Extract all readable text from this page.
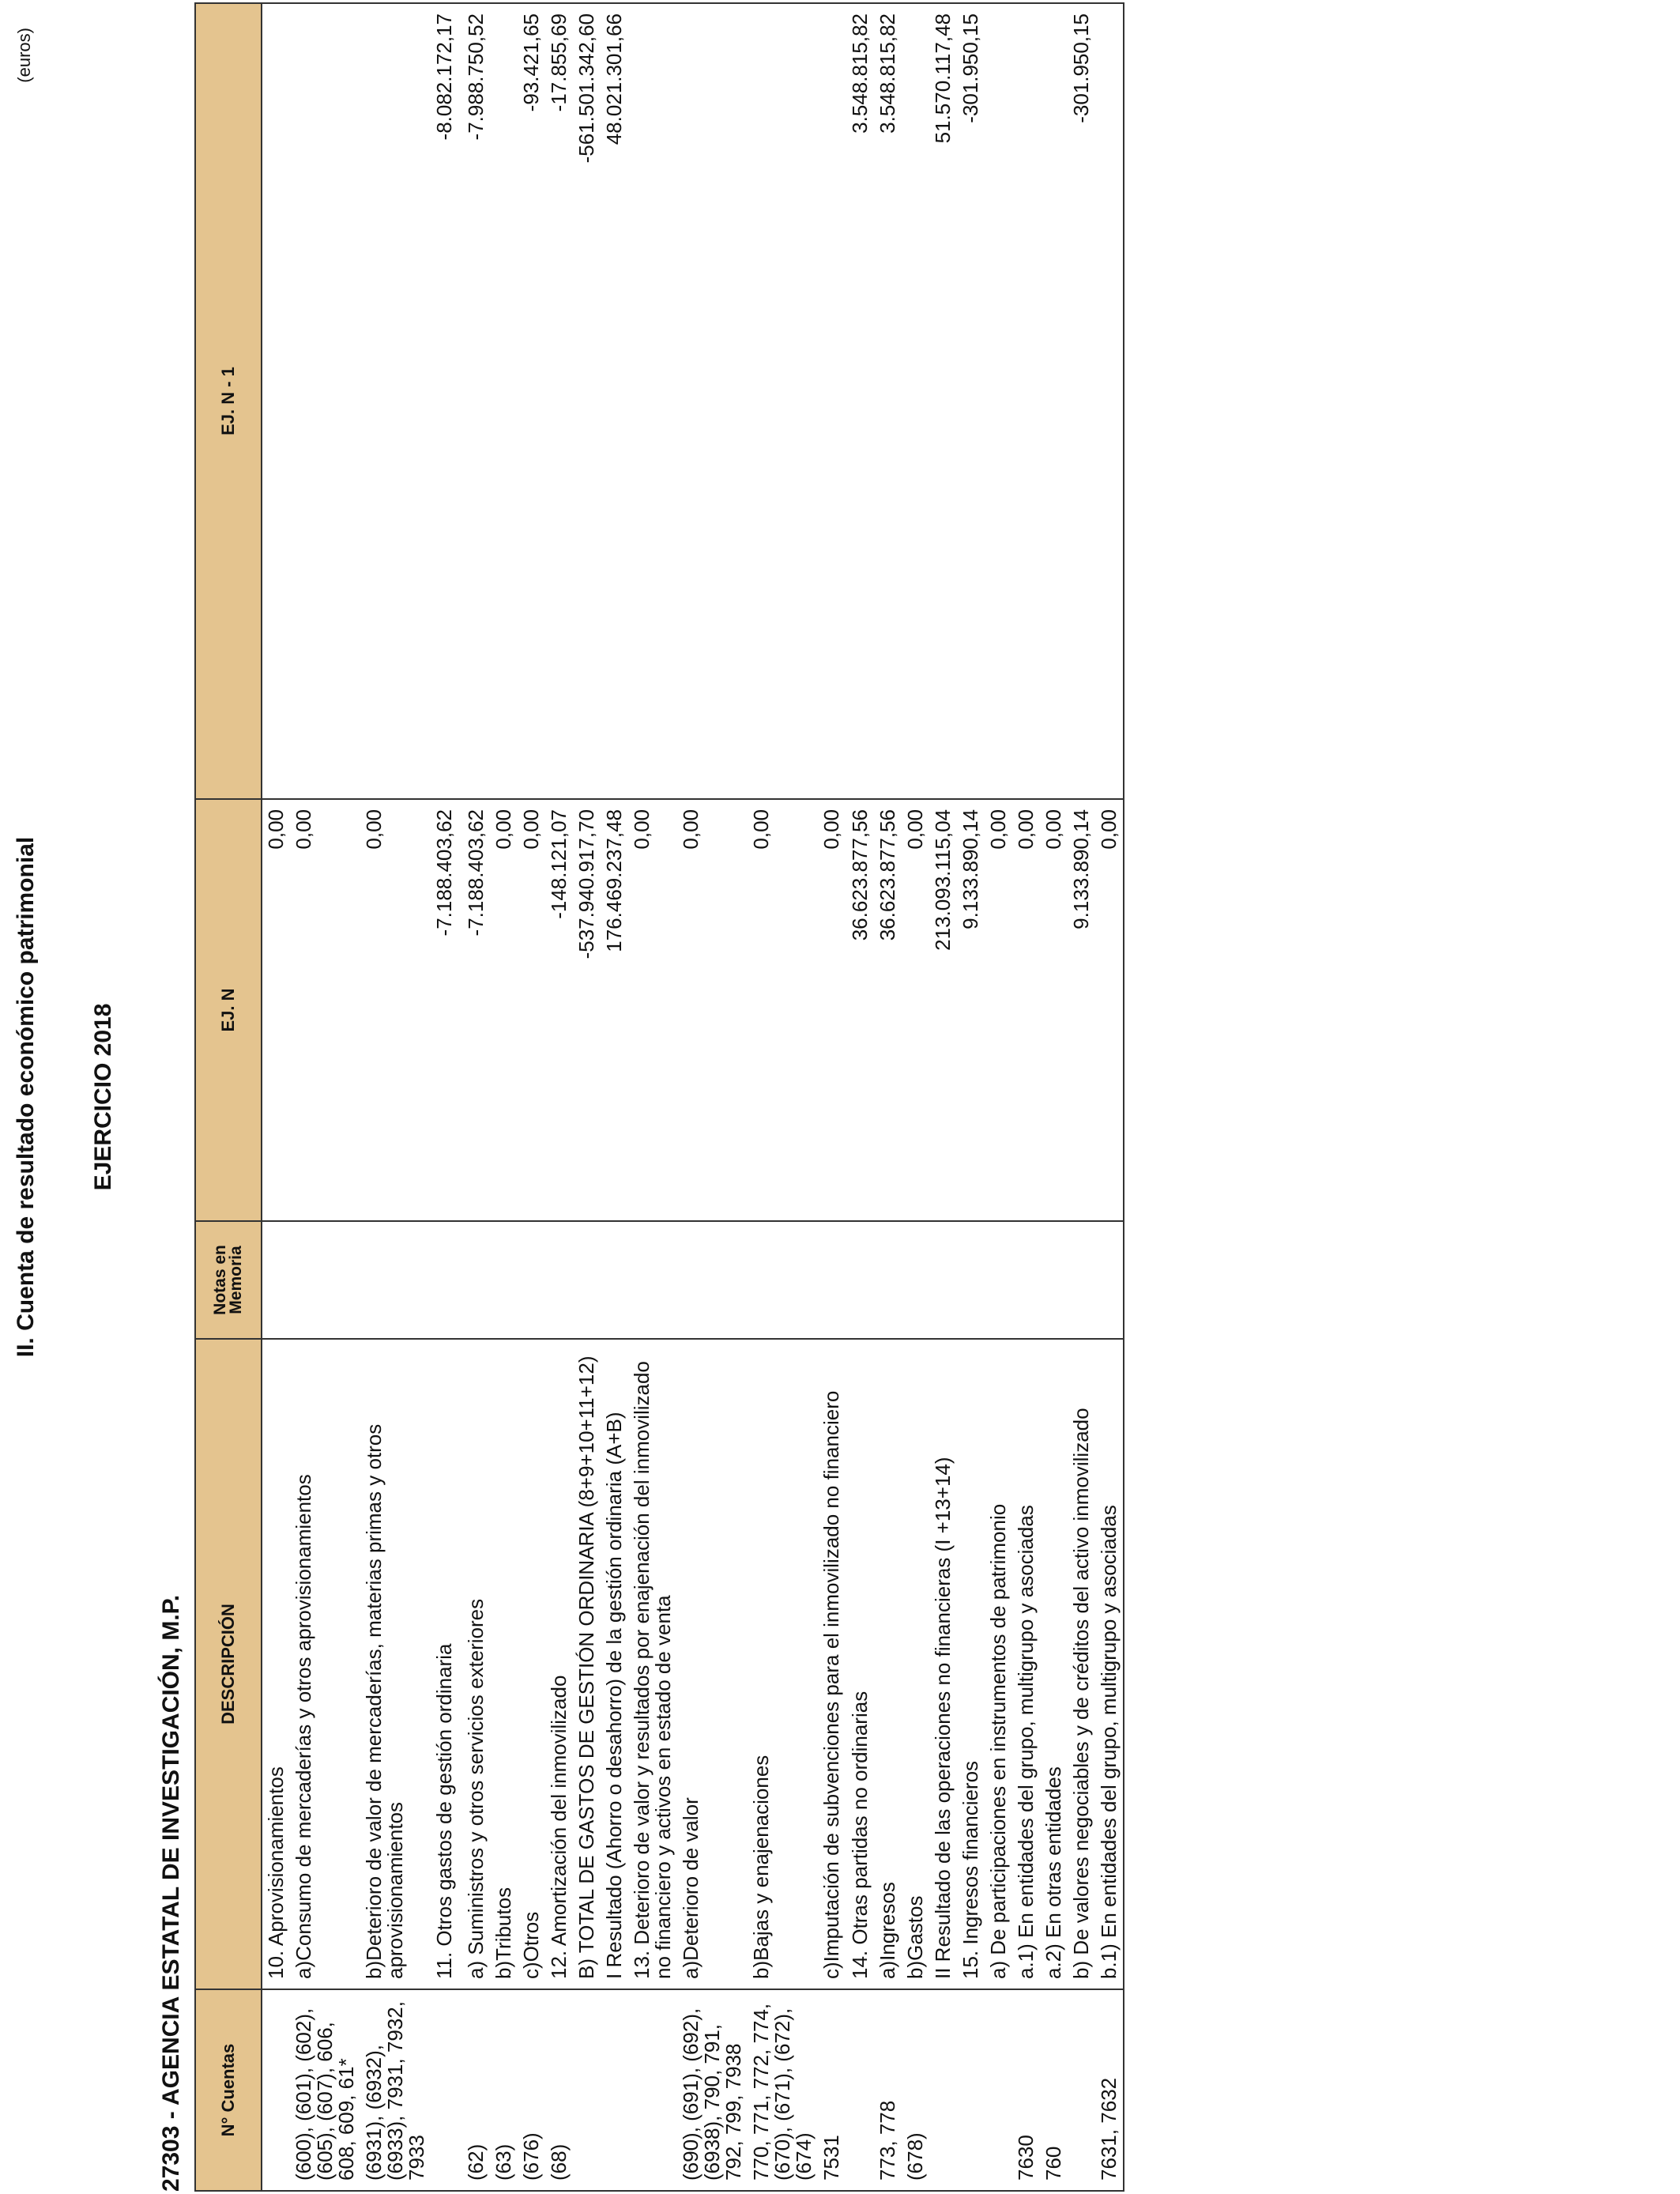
II. Cuenta de resultado económico patrimonial EJERCICIO 2018
27303 - AGENCIA ESTATAL DE INVESTIGACIÓN, M.P.
(euros)
N° Cuentas	DESCRIPCIÓN	Notas en Memoria	EJ. N	EJ. N - 1
	10. Aprovisionamientos		0,00	
(600), (601), (602), (605), (607), 606, 608, 609, 61*	a)Consumo de mercaderías y otros aprovisionamientos		0,00	
(6931), (6932), (6933), 7931, 7932, 7933	b)Deterioro de valor de mercaderías, materias primas y otros aprovisionamientos		0,00	
	11. Otros gastos de gestión ordinaria		-7.188.403,62	-8.082.172,17
(62)	a) Suministros y otros servicios exteriores		-7.188.403,62	-7.988.750,52
(63)	b)Tributos		0,00	
(676)	c)Otros		0,00	-93.421,65
(68)	12. Amortización del inmovilizado		-148.121,07	-17.855,69
	B) TOTAL DE GASTOS DE GESTIÓN ORDINARIA (8+9+10+11+12)		-537.940.917,70	-561.501.342,60
	I Resultado (Ahorro o desahorro) de la gestión ordinaria (A+B)		176.469.237,48	48.021.301,66
	13. Deterioro de valor y resultados por enajenación del inmovilizado no financiero y activos en estado de venta		0,00	
(690), (691), (692), (6938), 790, 791, 792, 799, 7938	a)Deterioro de valor		0,00	
770, 771, 772, 774, (670), (671), (672), (674)	b)Bajas y enajenaciones		0,00	
7531	c)Imputación de subvenciones para el inmovilizado no financiero		0,00	
	14. Otras partidas no ordinarias		36.623.877,56	3.548.815,82
773, 778	a)Ingresos		36.623.877,56	3.548.815,82
(678)	b)Gastos		0,00	
	II Resultado de las operaciones no financieras (I +13+14)		213.093.115,04	51.570.117,48
	15. Ingresos financieros		9.133.890,14	-301.950,15
	a) De participaciones en instrumentos de patrimonio		0,00	
7630	a.1) En entidades del grupo, multigrupo y asociadas		0,00	
760	a.2) En otras entidades		0,00	
	b) De valores negociables y de créditos del activo inmovilizado		9.133.890,14	-301.950,15
7631, 7632	b.1) En entidades del grupo, multigrupo y asociadas		0,00	
